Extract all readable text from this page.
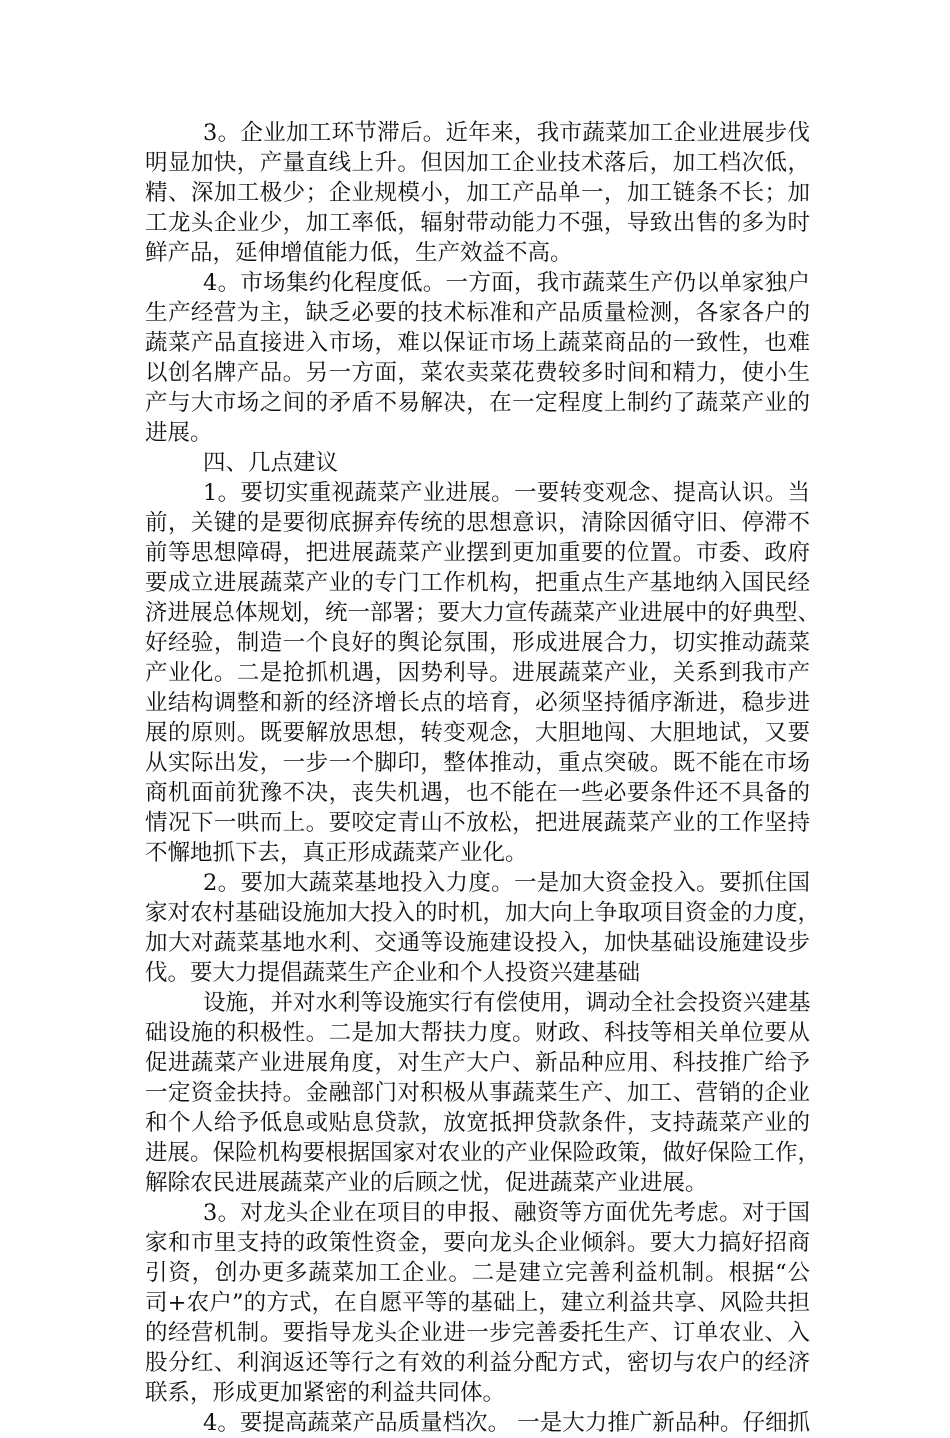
3。企业加工环节滞后。近年来，我市蔬菜加工企业进展步伐
明显加快，产量直线上升。但因加工企业技术落后，加工档次低，
精、深加工极少；企业规模小，加工产品单一，加工链条不长；加
工龙头企业少，加工率低，辐射带动能力不强，导致出售的多为时
鲜产品，延伸增值能力低，生产效益不高。
4。市场集约化程度低。一方面，我市蔬菜生产仍以单家独户
生产经营为主，缺乏必要的技术标准和产品质量检测，各家各户的
蔬菜产品直接进入市场，难以保证市场上蔬菜商品的一致性，也难
以创名牌产品。另一方面，菜农卖菜花费较多时间和精力，使小生
产与大市场之间的矛盾不易解决，在一定程度上制约了蔬菜产业的
进展。
四、几点建议
1。要切实重视蔬菜产业进展。一要转变观念、提高认识。当
前，关键的是要彻底摒弃传统的思想意识，清除因循守旧、停滞不
前等思想障碍，把进展蔬菜产业摆到更加重要的位置。市委、政府
要成立进展蔬菜产业的专门工作机构，把重点生产基地纳入国民经
济进展总体规划，统一部署；要大力宣传蔬菜产业进展中的好典型、
好经验，制造一个良好的舆论氛围，形成进展合力，切实推动蔬菜
产业化。二是抢抓机遇，因势利导。进展蔬菜产业，关系到我市产
业结构调整和新的经济增长点的培育，必须坚持循序渐进，稳步进
展的原则。既要解放思想，转变观念，大胆地闯、大胆地试，又要
从实际出发，一步一个脚印，整体推动，重点突破。既不能在市场
商机面前犹豫不决，丧失机遇，也不能在一些必要条件还不具备的
情况下一哄而上。要咬定青山不放松，把进展蔬菜产业的工作坚持
不懈地抓下去，真正形成蔬菜产业化。
2。要加大蔬菜基地投入力度。一是加大资金投入。要抓住国
家对农村基础设施加大投入的时机，加大向上争取项目资金的力度，
加大对蔬菜基地水利、交通等设施建设投入，加快基础设施建设步
伐。要大力提倡蔬菜生产企业和个人投资兴建基础
设施，并对水利等设施实行有偿使用，调动全社会投资兴建基
础设施的积极性。二是加大帮扶力度。财政、科技等相关单位要从
促进蔬菜产业进展角度，对生产大户、新品种应用、科技推广给予
一定资金扶持。金融部门对积极从事蔬菜生产、加工、营销的企业
和个人给予低息或贴息贷款，放宽抵押贷款条件，支持蔬菜产业的
进展。保险机构要根据国家对农业的产业保险政策，做好保险工作，
解除农民进展蔬菜产业的后顾之忧，促进蔬菜产业进展。
3。对龙头企业在项目的申报、融资等方面优先考虑。对于国
家和市里支持的政策性资金，要向龙头企业倾斜。要大力搞好招商
引资，创办更多蔬菜加工企业。二是建立完善利益机制。根据“公
司+农户”的方式，在自愿平等的基础上，建立利益共享、风险共担
的经营机制。要指导龙头企业进一步完善委托生产、订单农业、入
股分红、利润返还等行之有效的利益分配方式，密切与农户的经济
联系，形成更加紧密的利益共同体。
4。要提高蔬菜产品质量档次。 一是大力推广新品种。仔细抓
